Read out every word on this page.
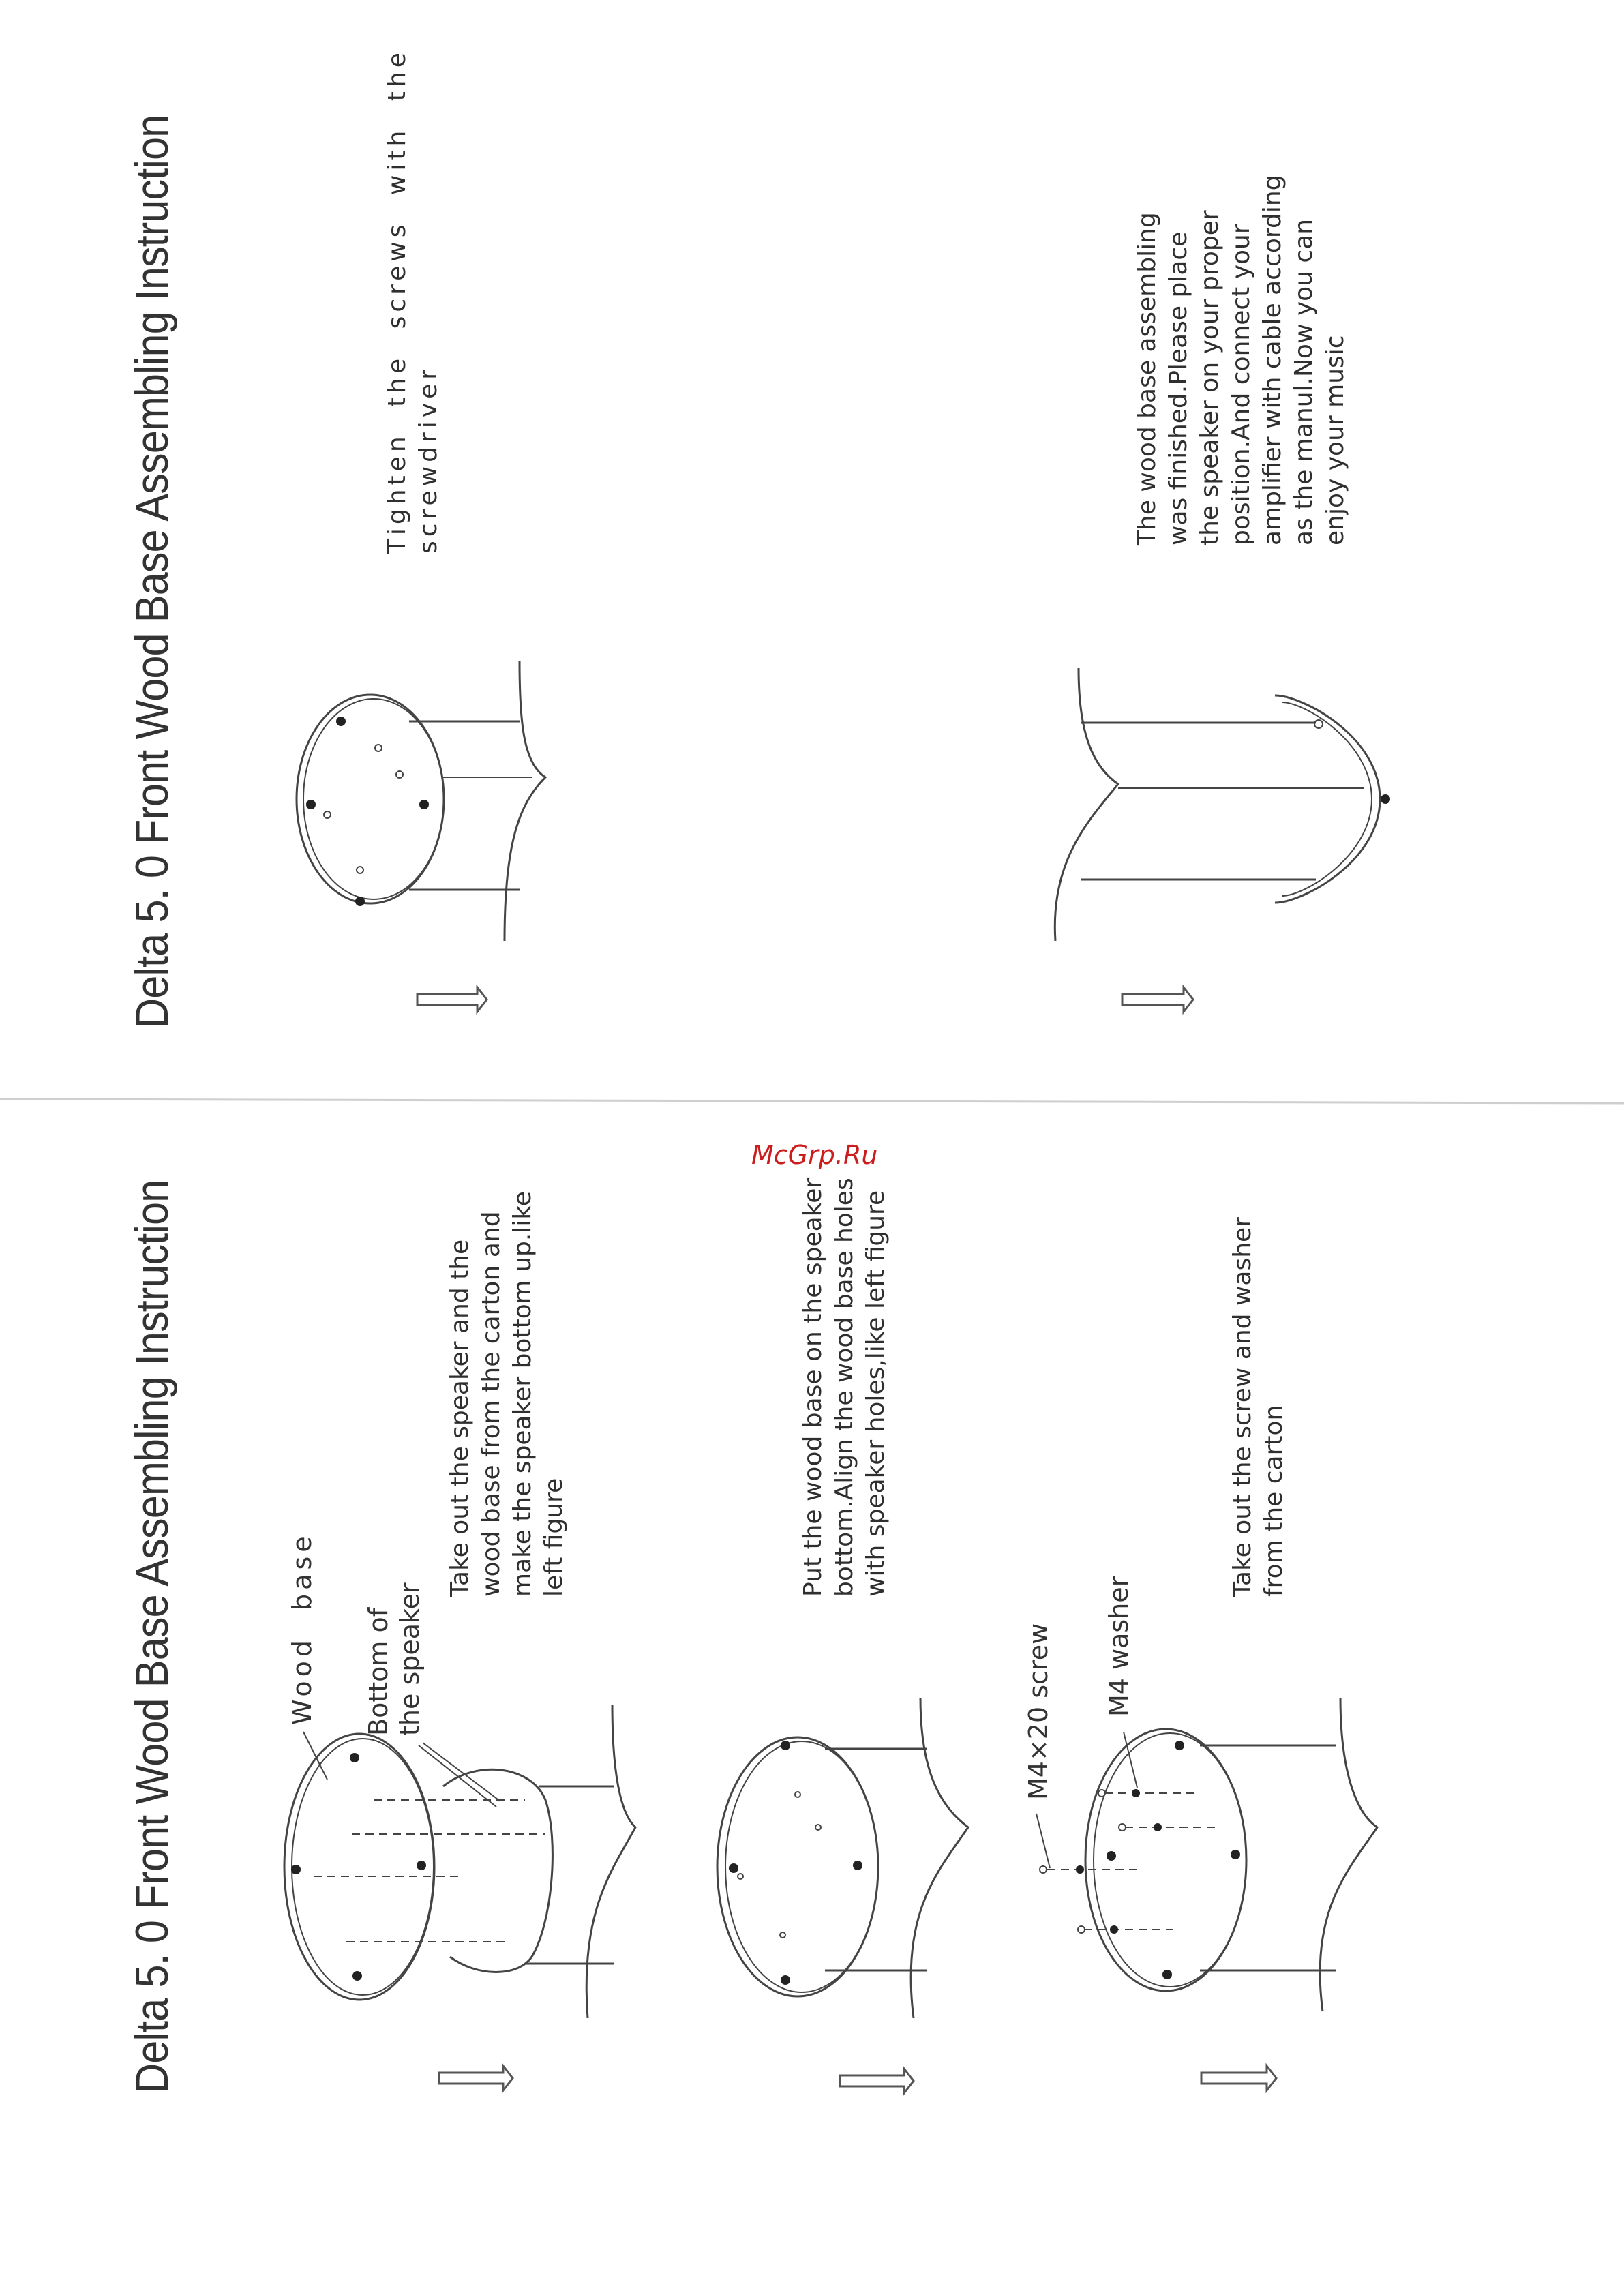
Delta 5. 0 Front Wood Base Assembling Instruction	Tighten the screws with the screwdriver	The wood base assembling was finished.Please place the speaker on your proper position.And connect your amplifier with cable according as the manul.Now you can enjoy your music
Delta 5. 0 Front Wood Base Assembling Instruction	Wood base Bottom of the speaker
Take out the speaker and the wood base from the carton and make the speaker bottom up.like left figure	Put the wood base on the speaker bottom.Align the wood base holes with speaker holes,like left figure
M4×20 screw M4 washer
Take out the screw and washer from the carton
McGrp.Ru
